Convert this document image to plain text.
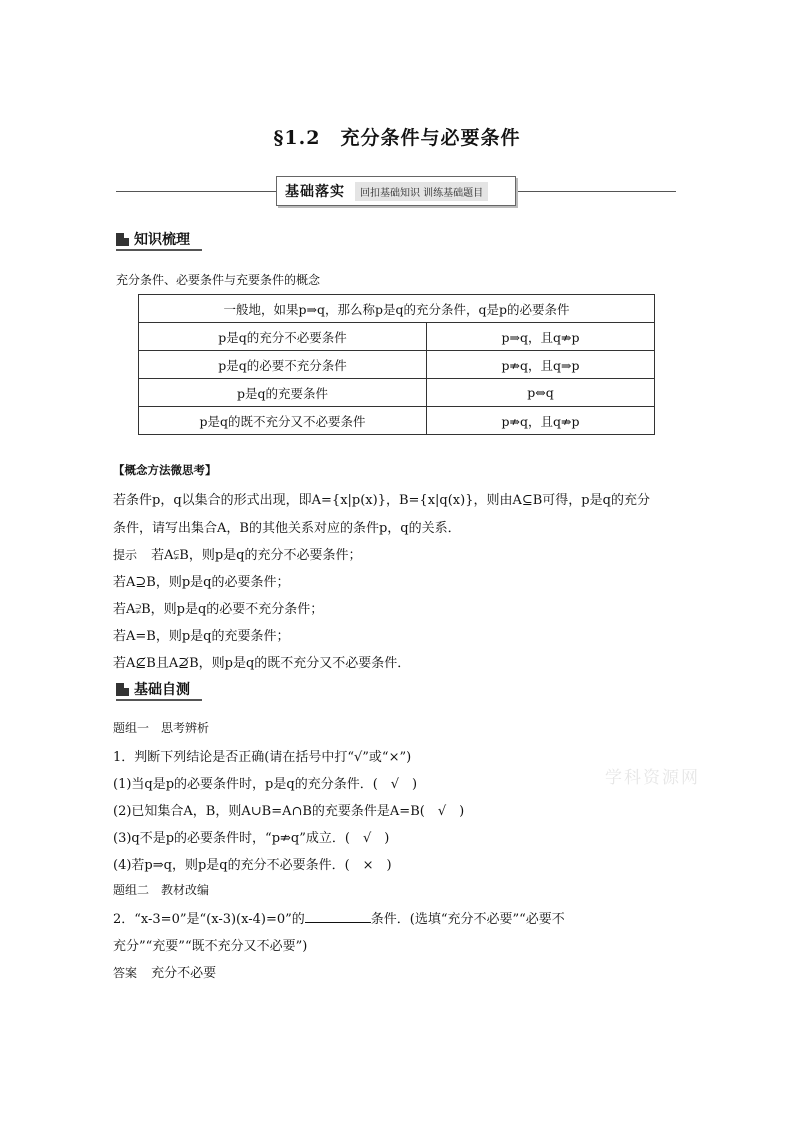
§1.2　充分条件与必要条件
基础落实	回扣基础知识 训练基础题目
知识梳理
充分条件、必要条件与充要条件的概念
一般地，如果p⇒q，那么称p是q的充分条件，q是p的必要条件	
p是q的充分不必要条件	p⇒q，且q⇏p
p是q的必要不充分条件	p⇏q，且q⇒p
p是q的充要条件	p⇔q
p是q的既不充分又不必要条件	p⇏q，且q⇏p
【概念方法微思考】
若条件p，q以集合的形式出现，即A={x|p(x)}，B={x|q(x)}，则由A⊆B可得，p是q的充分
条件，请写出集合A，B的其他关系对应的条件p，q的关系．
提示 若A⫋B，则p是q的充分不必要条件；
若A⊇B，则p是q的必要条件；
若A⫌B，则p是q的必要不充分条件；
若A=B，则p是q的充要条件；
若A⊈B且A⊉B，则p是q的既不充分又不必要条件．
基础自测
题组一　思考辨析
1．判断下列结论是否正确(请在括号中打“√”或“×”)
(1)当q是p的必要条件时，p是q的充分条件．(　√　)
(2)已知集合A，B，则A∪B=A∩B的充要条件是A=B(　√　)
(3)q不是p的必要条件时，“p⇏q”成立．(　√　)
(4)若p⇒q，则p是q的充分不必要条件．(　×　)
题组二　教材改编
2．“x-3=0”是“(x-3)(x-4)=0”的	条件．(选填“充分不必要”“必要不
充分”“充要”“既不充分又不必要”)
答案 充分不必要
学科资源网
